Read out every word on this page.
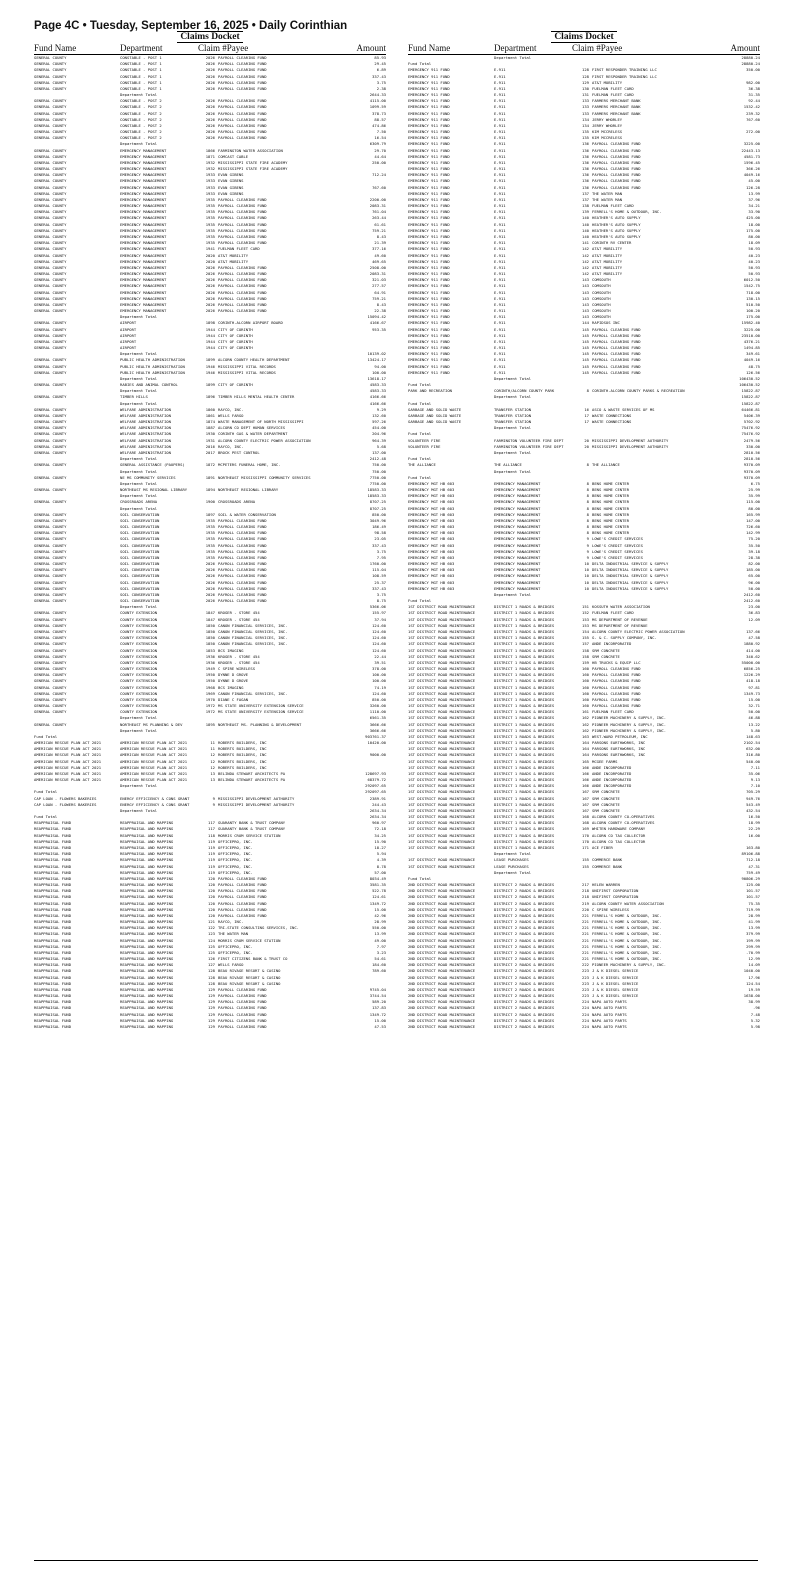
Page 4C • Tuesday, September 16, 2025 • Daily Corinthian
Claims Docket
Fund Name	Department	Claim #Payee	Amount
GENERAL COUNTY	CONSTABLE - POST 1	2026 PAYROLL CLEARING FUND	85.93
GENERAL COUNTY	CONSTABLE - POST 1	2026 PAYROLL CLEARING FUND	29.45
GENERAL COUNTY	CONSTABLE - POST 1	2026 PAYROLL CLEARING FUND	6.89
GENERAL COUNTY	CONSTABLE - POST 1	2026 PAYROLL CLEARING FUND	337.43
GENERAL COUNTY	CONSTABLE - POST 1	2026 PAYROLL CLEARING FUND	3.75
GENERAL COUNTY	CONSTABLE - POST 1	2026 PAYROLL CLEARING FUND	2.38
Department Total	2644.33
GENERAL COUNTY	CONSTABLE - POST 2	2026 PAYROLL CLEARING FUND	4115.00
GENERAL COUNTY	CONSTABLE - POST 2	2026 PAYROLL CLEARING FUND	1099.59
GENERAL COUNTY	CONSTABLE - POST 2	2026 PAYROLL CLEARING FUND	378.73
GENERAL COUNTY	CONSTABLE - POST 2	2026 PAYROLL CLEARING FUND	88.57
GENERAL COUNTY	CONSTABLE - POST 2	2026 PAYROLL CLEARING FUND	474.86
GENERAL COUNTY	CONSTABLE - POST 2	2026 PAYROLL CLEARING FUND	7.50
GENERAL COUNTY	CONSTABLE - POST 2	2026 PAYROLL CLEARING FUND	16.54
Department Total	6309.79
GENERAL COUNTY	EMERGENCY MANAGEMENT	1866 FARMINGTON WATER ASSOCIATION	29.70
GENERAL COUNTY	EMERGENCY MANAGEMENT	1871 COMCAST CABLE	44.64
GENERAL COUNTY	EMERGENCY MANAGEMENT	1932 MISSISSIPPI STATE FIRE ACADEMY	250.00
GENERAL COUNTY	EMERGENCY MANAGEMENT	1932 MISSISSIPPI STATE FIRE ACADEMY
GENERAL COUNTY	EMERGENCY MANAGEMENT	1933 EVAN GIBENS	712.24
GENERAL COUNTY	EMERGENCY MANAGEMENT	1933 EVAN GIBENS
GENERAL COUNTY	EMERGENCY MANAGEMENT	1933 EVAN GIBENS	767.60
GENERAL COUNTY	EMERGENCY MANAGEMENT	1933 EVAN GIBENS
GENERAL COUNTY	EMERGENCY MANAGEMENT	1935 PAYROLL CLEARING FUND	2200.00
GENERAL COUNTY	EMERGENCY MANAGEMENT	1935 PAYROLL CLEARING FUND	2083.31
GENERAL COUNTY	EMERGENCY MANAGEMENT	1935 PAYROLL CLEARING FUND	761.04
GENERAL COUNTY	EMERGENCY MANAGEMENT	1935 PAYROLL CLEARING FUND	263.44
GENERAL COUNTY	EMERGENCY MANAGEMENT	1935 PAYROLL CLEARING FUND	61.61
GENERAL COUNTY	EMERGENCY MANAGEMENT	1935 PAYROLL CLEARING FUND	759.21
GENERAL COUNTY	EMERGENCY MANAGEMENT	1935 PAYROLL CLEARING FUND	8.43
GENERAL COUNTY	EMERGENCY MANAGEMENT	1935 PAYROLL CLEARING FUND	21.39
GENERAL COUNTY	EMERGENCY MANAGEMENT	1941 FUELMAN FLEET CARD	377.16
GENERAL COUNTY	EMERGENCY MANAGEMENT	2020 AT&T MOBILITY	49.60
GENERAL COUNTY	EMERGENCY MANAGEMENT	2020 AT&T MOBILITY	469.65
GENERAL COUNTY	EMERGENCY MANAGEMENT	2026 PAYROLL CLEARING FUND	2508.00
GENERAL COUNTY	EMERGENCY MANAGEMENT	2026 PAYROLL CLEARING FUND	2083.31
GENERAL COUNTY	EMERGENCY MANAGEMENT	2026 PAYROLL CLEARING FUND	321.03
GENERAL COUNTY	EMERGENCY MANAGEMENT	2026 PAYROLL CLEARING FUND	277.57
GENERAL COUNTY	EMERGENCY MANAGEMENT	2026 PAYROLL CLEARING FUND	64.91
GENERAL COUNTY	EMERGENCY MANAGEMENT	2026 PAYROLL CLEARING FUND	759.21
GENERAL COUNTY	EMERGENCY MANAGEMENT	2026 PAYROLL CLEARING FUND	8.43
GENERAL COUNTY	EMERGENCY MANAGEMENT	2026 PAYROLL CLEARING FUND	22.38
Department Total	15094.42
GENERAL COUNTY	AIRPORT	1898 CORINTH-ALCORN AIRPORT BOARD	4166.67
GENERAL COUNTY	AIRPORT	1944 CITY OF CORINTH	953.35
GENERAL COUNTY	AIRPORT	1944 CITY OF CORINTH
GENERAL COUNTY	AIRPORT	1944 CITY OF CORINTH
GENERAL COUNTY	AIRPORT	1944 CITY OF CORINTH
Department Total	10139.02
GENERAL COUNTY	PUBLIC HEALTH ADMINISTRATION	1899 ALCORN COUNTY HEALTH DEPARTMENT	13424.17
GENERAL COUNTY	PUBLIC HEALTH ADMINISTRATION	1946 MISSISSIPPI VITAL RECORDS	94.00
GENERAL COUNTY	PUBLIC HEALTH ADMINISTRATION	1946 MISSISSIPPI VITAL RECORDS	100.00
Department Total	13618.17
GENERAL COUNTY	RABIES AND ANIMAL CONTROL	1899 CITY OF CORINTH	4583.33
Department Total	4583.33
GENERAL COUNTY	TIMBER HILLS	1896 TIMBER HILLS MENTAL HEALTH CENTER	4166.66
Department Total	4166.66
GENERAL COUNTY	WELFARE ADMINISTRATION	1860 RAYCO, INC.	9.29
GENERAL COUNTY	WELFARE ADMINISTRATION	1861 WELLS FARGO	132.60
GENERAL COUNTY	WELFARE ADMINISTRATION	1874 WASTE MANAGEMENT OF NORTH MISSISSIPPI	597.26
GENERAL COUNTY	WELFARE ADMINISTRATION	1887 ALCORN CO DEPT HUMAN SERVICES	454.00
GENERAL COUNTY	WELFARE ADMINISTRATION	1930 CORINTH GAS & WATER DEPARTMENT	204.96
GENERAL COUNTY	WELFARE ADMINISTRATION	1931 ALCORN COUNTY ELECTRIC POWER ASSOCIATION	964.39
GENERAL COUNTY	WELFARE ADMINISTRATION	2016 RAYCO, INC.	5.68
GENERAL COUNTY	WELFARE ADMINISTRATION	2017 BROCK PEST CONTROL	137.00
Department Total	2412.48
GENERAL COUNTY	GENERAL ASSISTANCE (PAUPERS)	1872 MCPETERS FUNERAL HOME, INC.	750.00
Department Total	750.00
GENERAL COUNTY	NE MS COMMUNITY SERVICES	1891 NORTHEAST MISSISSIPPI COMMUNITY SERVICES	7750.00
Department Total	7750.00
GENERAL COUNTY	NORTHEAST MS REGIONAL LIBRARY	1894 NORTHEAST REGIONAL LIBRARY	18583.33
Department Total	18583.33
GENERAL COUNTY	CROSSROADS ARENA	1900 CROSSROADS ARENA	8707.25
Department Total	8707.25
GENERAL COUNTY	SOIL CONSERVATION	1897 SOIL & WATER CONSERVATION	850.00
GENERAL COUNTY	SOIL CONSERVATION	1935 PAYROLL CLEARING FUND	3049.96
GENERAL COUNTY	SOIL CONSERVATION	1935 PAYROLL CLEARING FUND	186.49
GENERAL COUNTY	SOIL CONSERVATION	1935 PAYROLL CLEARING FUND	98.58
GENERAL COUNTY	SOIL CONSERVATION	1935 PAYROLL CLEARING FUND	23.05
GENERAL COUNTY	SOIL CONSERVATION	1935 PAYROLL CLEARING FUND	337.43
GENERAL COUNTY	SOIL CONSERVATION	1935 PAYROLL CLEARING FUND	3.75
GENERAL COUNTY	SOIL CONSERVATION	1935 PAYROLL CLEARING FUND	7.95
GENERAL COUNTY	SOIL CONSERVATION	2026 PAYROLL CLEARING FUND	1760.00
GENERAL COUNTY	SOIL CONSERVATION	2026 PAYROLL CLEARING FUND	115.04
GENERAL COUNTY	SOIL CONSERVATION	2026 PAYROLL CLEARING FUND	108.59
GENERAL COUNTY	SOIL CONSERVATION	2026 PAYROLL CLEARING FUND	25.37
GENERAL COUNTY	SOIL CONSERVATION	2026 PAYROLL CLEARING FUND	337.43
GENERAL COUNTY	SOIL CONSERVATION	2026 PAYROLL CLEARING FUND	3.75
GENERAL COUNTY	SOIL CONSERVATION	2026 PAYROLL CLEARING FUND	8.75
Department Total	5366.06
GENERAL COUNTY	COUNTY EXTENSION	1847 KROGER - STORE 454	155.97
GENERAL COUNTY	COUNTY EXTENSION	1847 KROGER - STORE 454	37.94
GENERAL COUNTY	COUNTY EXTENSION	1850 CANON FINANCIAL SERVICES, INC.	124.60
GENERAL COUNTY	COUNTY EXTENSION	1850 CANON FINANCIAL SERVICES, INC.	124.60
GENERAL COUNTY	COUNTY EXTENSION	1850 CANON FINANCIAL SERVICES, INC.	124.60
GENERAL COUNTY	COUNTY EXTENSION	1850 CANON FINANCIAL SERVICES, INC.	124.60
GENERAL COUNTY	COUNTY EXTENSION	1853 BCS IMAGING	124.60
GENERAL COUNTY	COUNTY EXTENSION	1936 KROGER - STORE 454	22.44
GENERAL COUNTY	COUNTY EXTENSION	1936 KROGER - STORE 454	39.51
GENERAL COUNTY	COUNTY EXTENSION	1949 C SPIRE WIRELESS	378.00
GENERAL COUNTY	COUNTY EXTENSION	1950 DYNNE D GROVE	100.00
GENERAL COUNTY	COUNTY EXTENSION	1950 DYNNE D GROVE	100.00
GENERAL COUNTY	COUNTY EXTENSION	1968 BCS IMAGING	74.19
GENERAL COUNTY	COUNTY EXTENSION	1969 CANON FINANCIAL SERVICES, INC.	124.60
GENERAL COUNTY	COUNTY EXTENSION	1970 DIANE C FAGAN	850.00
GENERAL COUNTY	COUNTY EXTENSION	1972 MS STATE UNIVERSITY EXTENSION SERVICE	3260.00
GENERAL COUNTY	COUNTY EXTENSION	1972 MS STATE UNIVERSITY EXTENSION SERVICE	1110.00
Department Total	6561.35
GENERAL COUNTY	NORTHEAST MS PLANNING & DEV	1895 NORTHEAST MS. PLANNING & DEVELOPMENT	3666.66
Department Total	3666.66
Fund Total	903761.37
AMERICAN RESCUE PLAN ACT 2021	AMERICAN RESCUE PLAN ACT 2021	11 ROBERTS BUILDERS, INC	10420.00
AMERICAN RESCUE PLAN ACT 2021	AMERICAN RESCUE PLAN ACT 2021	11 ROBERTS BUILDERS, INC
AMERICAN RESCUE PLAN ACT 2021	AMERICAN RESCUE PLAN ACT 2021	12 ROBERTS BUILDERS, INC	9000.00
AMERICAN RESCUE PLAN ACT 2021	AMERICAN RESCUE PLAN ACT 2021	12 ROBERTS BUILDERS, INC
AMERICAN RESCUE PLAN ACT 2021	AMERICAN RESCUE PLAN ACT 2021	12 ROBERTS BUILDERS, INC
AMERICAN RESCUE PLAN ACT 2021	AMERICAN RESCUE PLAN ACT 2021	13 BELINDA STEWART ARCHITECTS PA	128697.93
AMERICAN RESCUE PLAN ACT 2021	AMERICAN RESCUE PLAN ACT 2021	13 BELINDA STEWART ARCHITECTS PA	68379.72
Department Total	292097.65
Fund Total	292097.65
CAP LOAN - FLOWERS BAKERIES	ENERGY EFFICIENCY & CONS GRANT	9 MISSISSIPPI DEVELOPMENT AUTHORITY	2389.91
CAP LOAN - FLOWERS BAKERIES	ENERGY EFFICIENCY & CONS GRANT	9 MISSISSIPPI DEVELOPMENT AUTHORITY	244.43
Department Total	2634.34
Fund Total	2634.34
REAPPRAISAL FUND	REAPPRAISAL AND MAPPING	117 GUARANTY BANK & TRUST COMPANY	960.97
REAPPRAISAL FUND	REAPPRAISAL AND MAPPING	117 GUARANTY BANK & TRUST COMPANY	72.18
REAPPRAISAL FUND	REAPPRAISAL AND MAPPING	118 MORRIS CROM SERVICE STATION	34.25
REAPPRAISAL FUND	REAPPRAISAL AND MAPPING	119 OFFICEPRO, INC.	15.90
REAPPRAISAL FUND	REAPPRAISAL AND MAPPING	119 OFFICEPRO, INC.	18.27
REAPPRAISAL FUND	REAPPRAISAL AND MAPPING	119 OFFICEPRO, INC.	5.94
REAPPRAISAL FUND	REAPPRAISAL AND MAPPING	119 OFFICEPRO, INC.	4.39
REAPPRAISAL FUND	REAPPRAISAL AND MAPPING	119 OFFICEPRO, INC.	8.78
REAPPRAISAL FUND	REAPPRAISAL AND MAPPING	119 OFFICEPRO, INC.	57.00
REAPPRAISAL FUND	REAPPRAISAL AND MAPPING	120 PAYROLL CLEARING FUND	8034.49
REAPPRAISAL FUND	REAPPRAISAL AND MAPPING	120 PAYROLL CLEARING FUND	3581.35
REAPPRAISAL FUND	REAPPRAISAL AND MAPPING	120 PAYROLL CLEARING FUND	522.78
REAPPRAISAL FUND	REAPPRAISAL AND MAPPING	120 PAYROLL CLEARING FUND	124.61
REAPPRAISAL FUND	REAPPRAISAL AND MAPPING	120 PAYROLL CLEARING FUND	1349.72
REAPPRAISAL FUND	REAPPRAISAL AND MAPPING	120 PAYROLL CLEARING FUND	15.00
REAPPRAISAL FUND	REAPPRAISAL AND MAPPING	120 PAYROLL CLEARING FUND	42.96
REAPPRAISAL FUND	REAPPRAISAL AND MAPPING	121 RAYCO, INC.	28.99
REAPPRAISAL FUND	REAPPRAISAL AND MAPPING	122 TRI-STATE CONSULTING SERVICES, INC.	550.00
REAPPRAISAL FUND	REAPPRAISAL AND MAPPING	123 THE WATER MAN	13.99
REAPPRAISAL FUND	REAPPRAISAL AND MAPPING	124 MORRIS CROM SERVICE STATION	49.00
REAPPRAISAL FUND	REAPPRAISAL AND MAPPING	125 OFFICEPRO, INC.	7.97
REAPPRAISAL FUND	REAPPRAISAL AND MAPPING	125 OFFICEPRO, INC.	3.23
REAPPRAISAL FUND	REAPPRAISAL AND MAPPING	126 FIRST CITIZENS BANK & TRUST CO	54.61
REAPPRAISAL FUND	REAPPRAISAL AND MAPPING	127 WELLS FARGO	184.60
REAPPRAISAL FUND	REAPPRAISAL AND MAPPING	128 BEAU RIVAGE RESORT & CASINO	789.60
REAPPRAISAL FUND	REAPPRAISAL AND MAPPING	128 BEAU RIVAGE RESORT & CASINO
REAPPRAISAL FUND	REAPPRAISAL AND MAPPING	128 BEAU RIVAGE RESORT & CASINO
REAPPRAISAL FUND	REAPPRAISAL AND MAPPING	129 PAYROLL CLEARING FUND	9745.04
REAPPRAISAL FUND	REAPPRAISAL AND MAPPING	129 PAYROLL CLEARING FUND	3744.54
REAPPRAISAL FUND	REAPPRAISAL AND MAPPING	129 PAYROLL CLEARING FUND	589.20
REAPPRAISAL FUND	REAPPRAISAL AND MAPPING	129 PAYROLL CLEARING FUND	137.83
REAPPRAISAL FUND	REAPPRAISAL AND MAPPING	129 PAYROLL CLEARING FUND	1349.72
REAPPRAISAL FUND	REAPPRAISAL AND MAPPING	129 PAYROLL CLEARING FUND	15.00
REAPPRAISAL FUND	REAPPRAISAL AND MAPPING	129 PAYROLL CLEARING FUND	47.53
Claims Docket
Fund Name	Department	Claim #Payee	Amount
Department Total	28880.24
Fund Total	28880.24
EMERGENCY 911 FUND	E-911	128 FIRST RESPONDER TRAINING LLC	350.00
EMERGENCY 911 FUND	E-911	128 FIRST RESPONDER TRAINING LLC
EMERGENCY 911 FUND	E-911	129 AT&T MOBILITY	982.00
EMERGENCY 911 FUND	E-911	130 FUELMAN FLEET CARD	36.38
EMERGENCY 911 FUND	E-911	131 FUELMAN FLEET CARD	31.35
EMERGENCY 911 FUND	E-911	133 FARMERS MERCHANT BANK	92.44
EMERGENCY 911 FUND	E-911	133 FARMERS MERCHANT BANK	1532.42
EMERGENCY 911 FUND	E-911	133 FARMERS MERCHANT BANK	239.32
EMERGENCY 911 FUND	E-911	134 JERRY WHORLEY	767.60
EMERGENCY 911 FUND	E-911	134 JERRY WHORLEY
EMERGENCY 911 FUND	E-911	135 KIM MCCRELESS	272.00
EMERGENCY 911 FUND	E-911	135 KIM MCCRELESS
EMERGENCY 911 FUND	E-911	136 PAYROLL CLEARING FUND	3225.00
EMERGENCY 911 FUND	E-911	136 PAYROLL CLEARING FUND	22443.13
EMERGENCY 911 FUND	E-911	136 PAYROLL CLEARING FUND	4581.73
EMERGENCY 911 FUND	E-911	136 PAYROLL CLEARING FUND	1596.45
EMERGENCY 911 FUND	E-911	136 PAYROLL CLEARING FUND	366.26
EMERGENCY 911 FUND	E-911	136 PAYROLL CLEARING FUND	4049.16
EMERGENCY 911 FUND	E-911	136 PAYROLL CLEARING FUND	45.00
EMERGENCY 911 FUND	E-911	136 PAYROLL CLEARING FUND	126.28
EMERGENCY 911 FUND	E-911	137 THE WATER MAN	13.99
EMERGENCY 911 FUND	E-911	137 THE WATER MAN	37.96
EMERGENCY 911 FUND	E-911	138 FUELMAN FLEET CARD	34.21
EMERGENCY 911 FUND	E-911	139 FERRELL'S HOME & OUTDOOR, INC.	33.90
EMERGENCY 911 FUND	E-911	140 HEATHER'S AUTO SUPPLY	425.00
EMERGENCY 911 FUND	E-911	140 HEATHER'S AUTO SUPPLY	18.00
EMERGENCY 911 FUND	E-911	140 HEATHER'S AUTO SUPPLY	175.00
EMERGENCY 911 FUND	E-911	140 HEATHER'S AUTO SUPPLY	80.00
EMERGENCY 911 FUND	E-911	141 CORINTH RV CENTER	18.09
EMERGENCY 911 FUND	E-911	142 AT&T MOBILITY	50.93
EMERGENCY 911 FUND	E-911	142 AT&T MOBILITY	40.23
EMERGENCY 911 FUND	E-911	142 AT&T MOBILITY	40.23
EMERGENCY 911 FUND	E-911	142 AT&T MOBILITY	50.93
EMERGENCY 911 FUND	E-911	142 AT&T MOBILITY	50.93
EMERGENCY 911 FUND	E-911	143 COMSOUTH	6012.50
EMERGENCY 911 FUND	E-911	143 COMSOUTH	1542.75
EMERGENCY 911 FUND	E-911	143 COMSOUTH	718.00
EMERGENCY 911 FUND	E-911	143 COMSOUTH	130.15
EMERGENCY 911 FUND	E-911	143 COMSOUTH	510.50
EMERGENCY 911 FUND	E-911	143 COMSOUTH	100.20
EMERGENCY 911 FUND	E-911	143 COMSOUTH	175.00
EMERGENCY 911 FUND	E-911	144 RAPIDSOS INC	15982.40
EMERGENCY 911 FUND	E-911	145 PAYROLL CLEARING FUND	3225.00
EMERGENCY 911 FUND	E-911	145 PAYROLL CLEARING FUND	23510.00
EMERGENCY 911 FUND	E-911	145 PAYROLL CLEARING FUND	4376.21
EMERGENCY 911 FUND	E-911	145 PAYROLL CLEARING FUND	1494.85
EMERGENCY 911 FUND	E-911	145 PAYROLL CLEARING FUND	349.61
EMERGENCY 911 FUND	E-911	145 PAYROLL CLEARING FUND	4049.16
EMERGENCY 911 FUND	E-911	145 PAYROLL CLEARING FUND	48.75
EMERGENCY 911 FUND	E-911	145 PAYROLL CLEARING FUND	126.56
Department Total	106430.52
Fund Total	106430.52
PARK AND RECREATION	CORINTH/ALCORN COUNTY PARK	8 CORINTH-ALCORN COUNTY PARKS & RECREATION	15822.87
Department Total	15822.87
Fund Total	15822.87
GARBAGE AND SOLID WASTE	TRANSFER STATION	16 ASCO & WASTE SERVICES OF MS	64466.81
GARBAGE AND SOLID WASTE	TRANSFER STATION	17 WASTE CONNECTIONS	5406.39
GARBAGE AND SOLID WASTE	TRANSFER STATION	17 WASTE CONNECTIONS	5702.92
Department Total	75476.92
Fund Total	75476.92
VOLUNTEER FIRE	FARMINGTON VOLUNTEER FIRE DEPT	20 MISSISSIPPI DEVELOPMENT AUTHORITY	2479.56
VOLUNTEER FIRE	FARMINGTON VOLUNTEER FIRE DEPT	20 MISSISSIPPI DEVELOPMENT AUTHORITY	330.00
Department Total	2810.56
Fund Total	2810.56
THE ALLIANCE	THE ALLIANCE	8 THE ALLIANCE	9370.09
Department Total	9370.09
Fund Total	9370.09
EMERGENCY MGT HB 603	EMERGENCY MANAGEMENT	8 BENS HOME CENTER	6.75
EMERGENCY MGT HB 603	EMERGENCY MANAGEMENT	8 BENS HOME CENTER	25.99
EMERGENCY MGT HB 603	EMERGENCY MANAGEMENT	8 BENS HOME CENTER	35.99
EMERGENCY MGT HB 603	EMERGENCY MANAGEMENT	8 BENS HOME CENTER	115.00
EMERGENCY MGT HB 603	EMERGENCY MANAGEMENT	8 BENS HOME CENTER	80.00
EMERGENCY MGT HB 603	EMERGENCY MANAGEMENT	8 BENS HOME CENTER	165.99
EMERGENCY MGT HB 603	EMERGENCY MANAGEMENT	8 BENS HOME CENTER	147.00
EMERGENCY MGT HB 603	EMERGENCY MANAGEMENT	8 BENS HOME CENTER	726.60
EMERGENCY MGT HB 603	EMERGENCY MANAGEMENT	8 BENS HOME CENTER	142.99
EMERGENCY MGT HB 603	EMERGENCY MANAGEMENT	9 LOWE'S CREDIT SERVICES	75.20
EMERGENCY MGT HB 603	EMERGENCY MANAGEMENT	9 LOWE'S CREDIT SERVICES	35.50
EMERGENCY MGT HB 603	EMERGENCY MANAGEMENT	9 LOWE'S CREDIT SERVICES	39.18
EMERGENCY MGT HB 603	EMERGENCY MANAGEMENT	9 LOWE'S CREDIT SERVICES	28.38
EMERGENCY MGT HB 603	EMERGENCY MANAGEMENT	10 DELTA INDUSTRIAL SERVICE & SUPPLY	82.00
EMERGENCY MGT HB 603	EMERGENCY MANAGEMENT	10 DELTA INDUSTRIAL SERVICE & SUPPLY	185.00
EMERGENCY MGT HB 603	EMERGENCY MANAGEMENT	10 DELTA INDUSTRIAL SERVICE & SUPPLY	65.00
EMERGENCY MGT HB 603	EMERGENCY MANAGEMENT	10 DELTA INDUSTRIAL SERVICE & SUPPLY	96.00
EMERGENCY MGT HB 603	EMERGENCY MANAGEMENT	10 DELTA INDUSTRIAL SERVICE & SUPPLY	50.00
Department Total	2412.60
Fund Total	2412.60
1ST DISTRICT ROAD MAINTENANCE	DISTRICT 1 ROADS & BRIDGES	151 KOSSUTH WATER ASSOCIATION	23.00
1ST DISTRICT ROAD MAINTENANCE	DISTRICT 1 ROADS & BRIDGES	152 FUELMAN FLEET CARD	36.83
1ST DISTRICT ROAD MAINTENANCE	DISTRICT 1 ROADS & BRIDGES	153 MS DEPARTMENT OF REVENUE	12.09
1ST DISTRICT ROAD MAINTENANCE	DISTRICT 1 ROADS & BRIDGES	153 MS DEPARTMENT OF REVENUE
1ST DISTRICT ROAD MAINTENANCE	DISTRICT 1 ROADS & BRIDGES	154 ALCORN COUNTY ELECTRIC POWER ASSOCIATION	137.66
1ST DISTRICT ROAD MAINTENANCE	DISTRICT 1 ROADS & BRIDGES	155 G. & C. SUPPLY COMPANY, INC.	47.58
1ST DISTRICT ROAD MAINTENANCE	DISTRICT 1 ROADS & BRIDGES	157 ANDE INCORPORATED	1880.92
1ST DISTRICT ROAD MAINTENANCE	DISTRICT 1 ROADS & BRIDGES	158 SRM CONCRETE	414.00
1ST DISTRICT ROAD MAINTENANCE	DISTRICT 1 ROADS & BRIDGES	158 SRM CONCRETE	340.62
1ST DISTRICT ROAD MAINTENANCE	DISTRICT 1 ROADS & BRIDGES	159 HB TRUCKS & EQUIP LLC	55000.00
1ST DISTRICT ROAD MAINTENANCE	DISTRICT 1 ROADS & BRIDGES	160 PAYROLL CLEARING FUND	6856.25
1ST DISTRICT ROAD MAINTENANCE	DISTRICT 1 ROADS & BRIDGES	160 PAYROLL CLEARING FUND	1226.29
1ST DISTRICT ROAD MAINTENANCE	DISTRICT 1 ROADS & BRIDGES	160 PAYROLL CLEARING FUND	418.18
1ST DISTRICT ROAD MAINTENANCE	DISTRICT 1 ROADS & BRIDGES	160 PAYROLL CLEARING FUND	97.81
1ST DISTRICT ROAD MAINTENANCE	DISTRICT 1 ROADS & BRIDGES	160 PAYROLL CLEARING FUND	1349.73
1ST DISTRICT ROAD MAINTENANCE	DISTRICT 1 ROADS & BRIDGES	160 PAYROLL CLEARING FUND	15.00
1ST DISTRICT ROAD MAINTENANCE	DISTRICT 1 ROADS & BRIDGES	160 PAYROLL CLEARING FUND	32.71
1ST DISTRICT ROAD MAINTENANCE	DISTRICT 1 ROADS & BRIDGES	161 FUELMAN FLEET CARD	50.00
1ST DISTRICT ROAD MAINTENANCE	DISTRICT 1 ROADS & BRIDGES	162 PIONEER MACHINERY & SUPPLY, INC.	46.88
1ST DISTRICT ROAD MAINTENANCE	DISTRICT 1 ROADS & BRIDGES	162 PIONEER MACHINERY & SUPPLY, INC.	13.22
1ST DISTRICT ROAD MAINTENANCE	DISTRICT 1 ROADS & BRIDGES	162 PIONEER MACHINERY & SUPPLY, INC.	5.80
1ST DISTRICT ROAD MAINTENANCE	DISTRICT 1 ROADS & BRIDGES	163 WEST-WARD PETROLEUM, INC	148.63
1ST DISTRICT ROAD MAINTENANCE	DISTRICT 1 ROADS & BRIDGES	164 PARSONS EARTHWORKS, INC	2102.54
1ST DISTRICT ROAD MAINTENANCE	DISTRICT 1 ROADS & BRIDGES	164 PARSONS EARTHWORKS, INC	632.00
1ST DISTRICT ROAD MAINTENANCE	DISTRICT 1 ROADS & BRIDGES	164 PARSONS EARTHWORKS, INC	316.80
1ST DISTRICT ROAD MAINTENANCE	DISTRICT 1 ROADS & BRIDGES	165 MCGEE FARMS	540.00
1ST DISTRICT ROAD MAINTENANCE	DISTRICT 1 ROADS & BRIDGES	166 ANDE INCORPORATED	7.11
1ST DISTRICT ROAD MAINTENANCE	DISTRICT 1 ROADS & BRIDGES	166 ANDE INCORPORATED	35.06
1ST DISTRICT ROAD MAINTENANCE	DISTRICT 1 ROADS & BRIDGES	166 ANDE INCORPORATED	9.13
1ST DISTRICT ROAD MAINTENANCE	DISTRICT 1 ROADS & BRIDGES	166 ANDE INCORPORATED	7.10
1ST DISTRICT ROAD MAINTENANCE	DISTRICT 1 ROADS & BRIDGES	167 SRM CONCRETE	705.29
1ST DISTRICT ROAD MAINTENANCE	DISTRICT 1 ROADS & BRIDGES	167 SRM CONCRETE	949.76
1ST DISTRICT ROAD MAINTENANCE	DISTRICT 1 ROADS & BRIDGES	167 SRM CONCRETE	543.49
1ST DISTRICT ROAD MAINTENANCE	DISTRICT 1 ROADS & BRIDGES	167 SRM CONCRETE	432.54
1ST DISTRICT ROAD MAINTENANCE	DISTRICT 1 ROADS & BRIDGES	168 ALCORN COUNTY CO-OPERATIVES	16.50
1ST DISTRICT ROAD MAINTENANCE	DISTRICT 1 ROADS & BRIDGES	168 ALCORN COUNTY CO-OPERATIVES	18.99
1ST DISTRICT ROAD MAINTENANCE	DISTRICT 1 ROADS & BRIDGES	169 WHITEN HARDWARE COMPANY	22.29
1ST DISTRICT ROAD MAINTENANCE	DISTRICT 1 ROADS & BRIDGES	170 ALCORN CO TAX COLLECTOR	16.00
1ST DISTRICT ROAD MAINTENANCE	DISTRICT 1 ROADS & BRIDGES	170 ALCORN CO TAX COLLECTOR
1ST DISTRICT ROAD MAINTENANCE	DISTRICT 1 ROADS & BRIDGES	171 ACE FIBER	163.80
Department Total	89106.88
1ST DISTRICT ROAD MAINTENANCE	LEASE PURCHASES	155 COMMERCE BANK	712.18
1ST DISTRICT ROAD MAINTENANCE	LEASE PURCHASES	155 COMMERCE BANK	47.31
Department Total	759.49
Fund Total	90806.29
2ND DISTRICT ROAD MAINTENANCE	DISTRICT 2 ROADS & BRIDGES	217 HELEN WARREN	125.00
2ND DISTRICT ROAD MAINTENANCE	DISTRICT 2 ROADS & BRIDGES	218 UNIFIRST CORPORATION	101.57
2ND DISTRICT ROAD MAINTENANCE	DISTRICT 2 ROADS & BRIDGES	218 UNIFIRST CORPORATION	101.57
2ND DISTRICT ROAD MAINTENANCE	DISTRICT 2 ROADS & BRIDGES	219 ALCORN COUNTY WATER ASSOCIATION	75.35
2ND DISTRICT ROAD MAINTENANCE	DISTRICT 2 ROADS & BRIDGES	220 C SPIRE WIRELESS	719.99
2ND DISTRICT ROAD MAINTENANCE	DISTRICT 2 ROADS & BRIDGES	221 FERRELL'S HOME & OUTDOOR, INC.	28.99
2ND DISTRICT ROAD MAINTENANCE	DISTRICT 2 ROADS & BRIDGES	221 FERRELL'S HOME & OUTDOOR, INC.	41.99
2ND DISTRICT ROAD MAINTENANCE	DISTRICT 2 ROADS & BRIDGES	221 FERRELL'S HOME & OUTDOOR, INC.	13.99
2ND DISTRICT ROAD MAINTENANCE	DISTRICT 2 ROADS & BRIDGES	221 FERRELL'S HOME & OUTDOOR, INC.	379.99
2ND DISTRICT ROAD MAINTENANCE	DISTRICT 2 ROADS & BRIDGES	221 FERRELL'S HOME & OUTDOOR, INC.	199.99
2ND DISTRICT ROAD MAINTENANCE	DISTRICT 2 ROADS & BRIDGES	221 FERRELL'S HOME & OUTDOOR, INC.	299.99
2ND DISTRICT ROAD MAINTENANCE	DISTRICT 2 ROADS & BRIDGES	221 FERRELL'S HOME & OUTDOOR, INC.	-70.99
2ND DISTRICT ROAD MAINTENANCE	DISTRICT 2 ROADS & BRIDGES	221 FERRELL'S HOME & OUTDOOR, INC.	12.99
2ND DISTRICT ROAD MAINTENANCE	DISTRICT 2 ROADS & BRIDGES	222 PIONEER MACHINERY & SUPPLY, INC.	14.09
2ND DISTRICT ROAD MAINTENANCE	DISTRICT 2 ROADS & BRIDGES	223 J & K DIESEL SERVICE	1040.00
2ND DISTRICT ROAD MAINTENANCE	DISTRICT 2 ROADS & BRIDGES	223 J & K DIESEL SERVICE	17.96
2ND DISTRICT ROAD MAINTENANCE	DISTRICT 2 ROADS & BRIDGES	223 J & K DIESEL SERVICE	124.54
2ND DISTRICT ROAD MAINTENANCE	DISTRICT 2 ROADS & BRIDGES	223 J & K DIESEL SERVICE	19.59
2ND DISTRICT ROAD MAINTENANCE	DISTRICT 2 ROADS & BRIDGES	223 J & K DIESEL SERVICE	1638.00
2ND DISTRICT ROAD MAINTENANCE	DISTRICT 2 ROADS & BRIDGES	224 NAPA AUTO PARTS	38.99
2ND DISTRICT ROAD MAINTENANCE	DISTRICT 2 ROADS & BRIDGES	224 NAPA AUTO PARTS	.96
2ND DISTRICT ROAD MAINTENANCE	DISTRICT 2 ROADS & BRIDGES	224 NAPA AUTO PARTS	7.48
2ND DISTRICT ROAD MAINTENANCE	DISTRICT 2 ROADS & BRIDGES	224 NAPA AUTO PARTS	5.32
2ND DISTRICT ROAD MAINTENANCE	DISTRICT 2 ROADS & BRIDGES	224 NAPA AUTO PARTS	5.98
